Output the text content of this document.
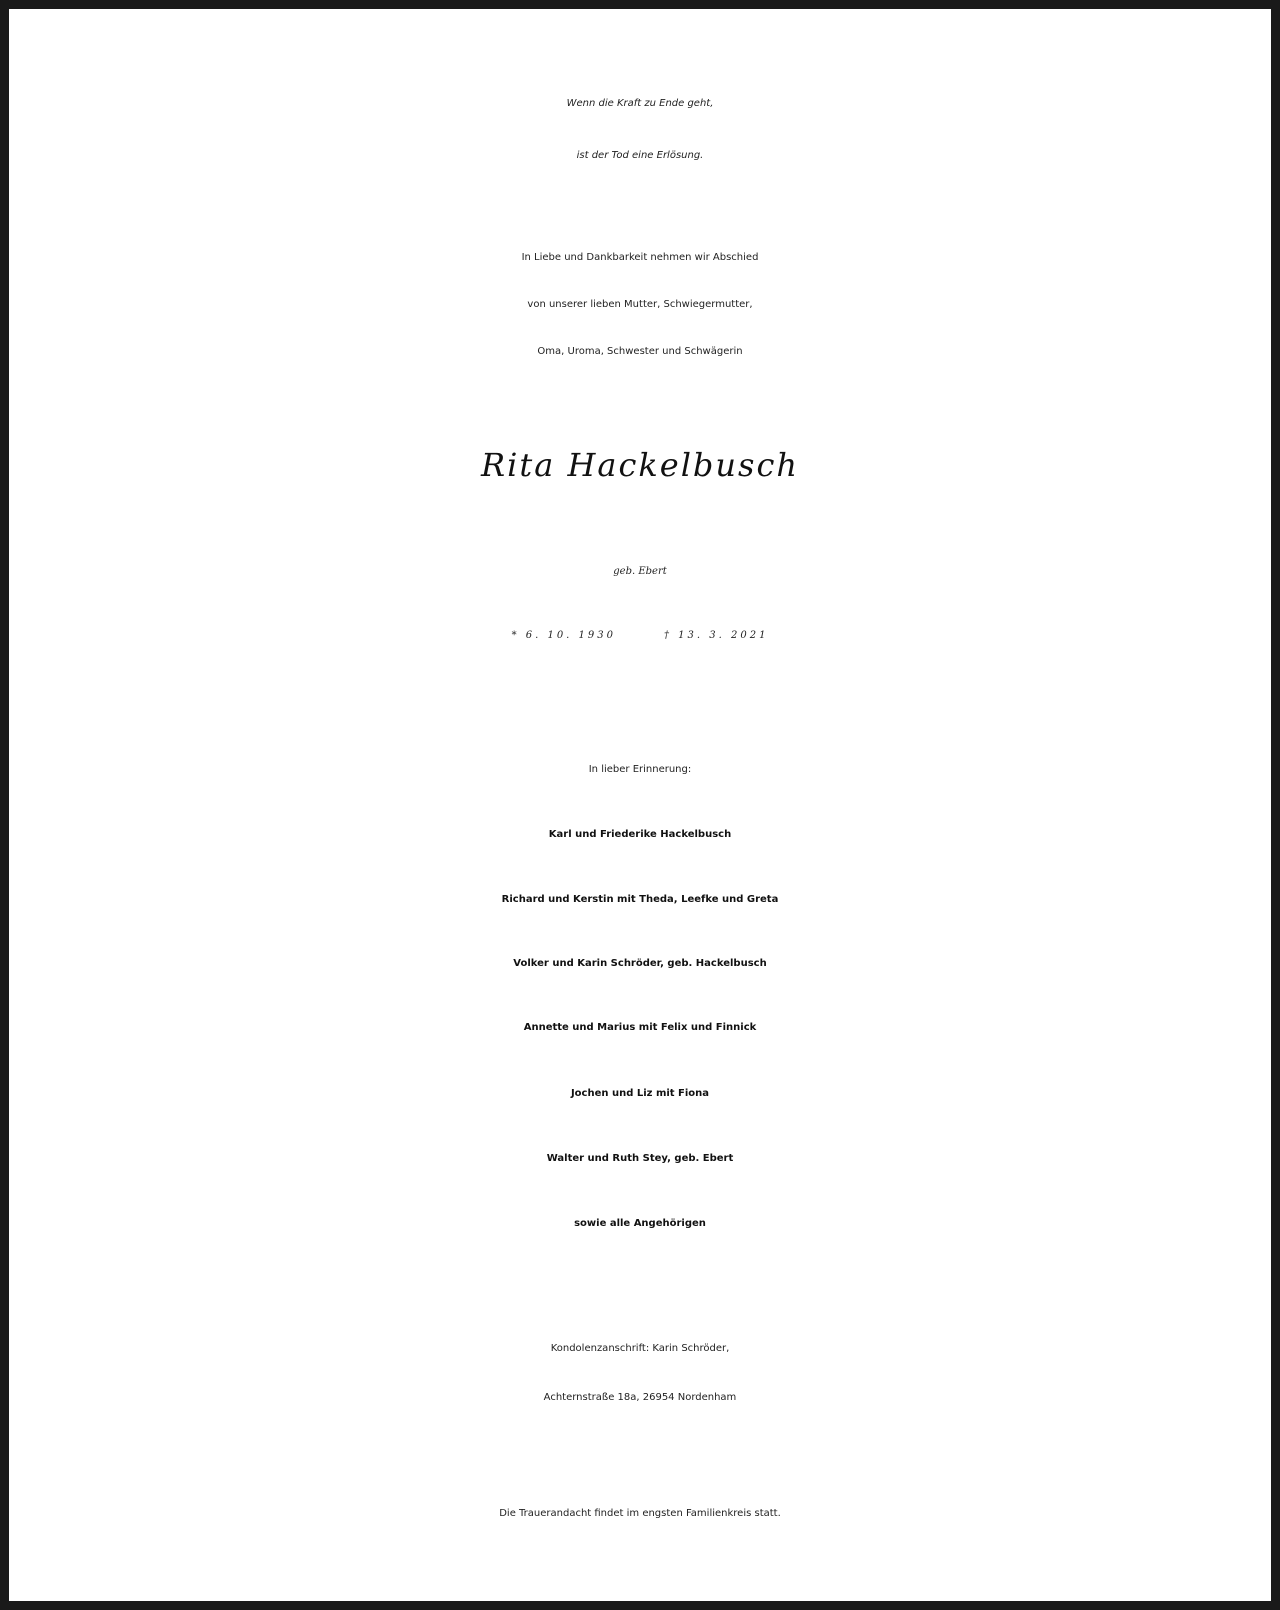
Wenn die Kraft zu Ende geht,
ist der Tod eine Erlösung.
In Liebe und Dankbarkeit nehmen wir Abschied
von unserer lieben Mutter, Schwiegermutter,
Oma, Uroma, Schwester und Schwägerin
Rita Hackelbusch
geb. Ebert
* 6. 10. 1930	† 13. 3. 2021
In lieber Erinnerung:
Karl und Friederike Hackelbusch
Richard und Kerstin mit Theda, Leefke und Greta
Volker und Karin Schröder, geb. Hackelbusch
Annette und Marius mit Felix und Finnick
Jochen und Liz mit Fiona
Walter und Ruth Stey, geb. Ebert
sowie alle Angehörigen
Kondolenzanschrift: Karin Schröder,
Achternstraße 18a, 26954 Nordenham
Die Trauerandacht findet im engsten Familienkreis statt.
